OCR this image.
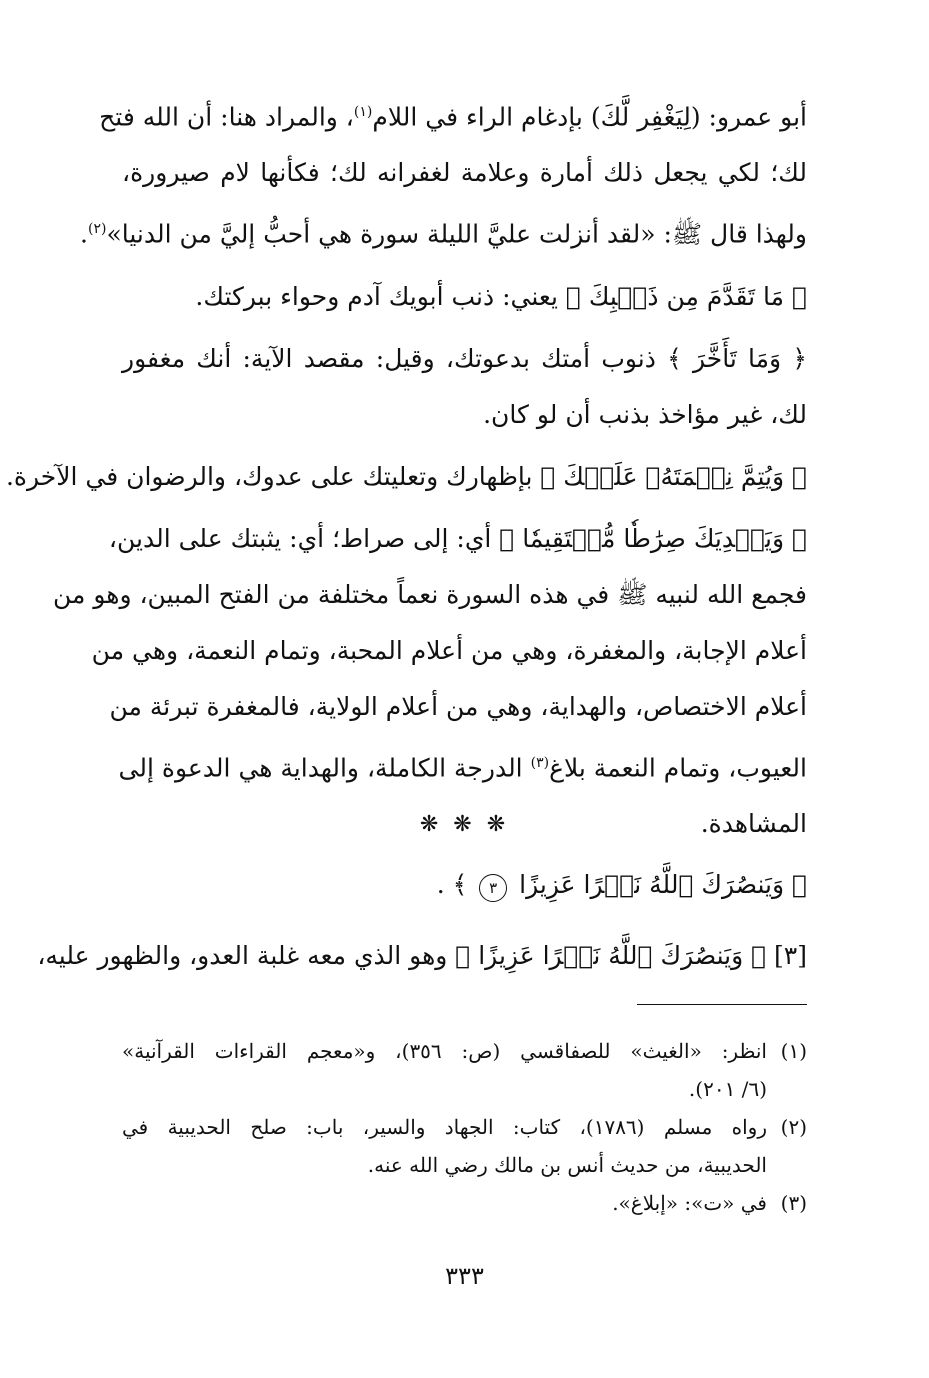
أبو عمرو: (لِيَغْفِر لَّكَ) بإدغام الراء في اللام$^{(١)}$، والمراد هنا: أن الله فتح
لك؛ لكي يجعل ذلك أمارة وعلامة لغفرانه لك؛ فكأنها لام صيرورة،
ولهذا قال ﷺ: «لقد أنزلت عليَّ الليلة سورة هي أحبُّ إليَّ من الدنيا»$^{(٢)}$.
﴿ مَا تَقَدَّمَ مِن ذَنۢبِكَ ﴾ يعني: ذنب أبويك آدم وحواء ببركتك.
﴿ وَمَا تَأَخَّرَ ﴾ ذنوب أمتك بدعوتك، وقيل: مقصد الآية: أنك مغفور
لك، غير مؤاخذ بذنب أن لو كان.
﴿ وَيُتِمَّ نِعۡمَتَهُۥ عَلَيۡكَ ﴾ بإظهارك وتعليتك على عدوك، والرضوان في الآخرة.
﴿ وَيَهۡدِيَكَ صِرَٰطٗا مُّسۡتَقِيمٗا ﴾ أي: إلى صراط؛ أي: يثبتك على الدين،
فجمع الله لنبيه ﷺ في هذه السورة نعماً مختلفة من الفتح المبين، وهو من
أعلام الإجابة، والمغفرة، وهي من أعلام المحبة، وتمام النعمة، وهي من
أعلام الاختصاص، والهداية، وهي من أعلام الولاية، فالمغفرة تبرئة من
العيوب، وتمام النعمة بلاغ$^{(٣)}$ الدرجة الكاملة، والهداية هي الدعوة إلى
المشاهدة.
❋ ❋ ❋
﴿ وَيَنصُرَكَ ٱللَّهُ نَصۡرًا عَزِيزًا ٣ ﴾ .
[٣] ﴿ وَيَنصُرَكَ ٱللَّهُ نَصۡرًا عَزِيزًا ﴾ وهو الذي معه غلبة العدو، والظهور عليه،
(١)
انظر: «الغيث» للصفاقسي (ص: ٣٥٦)، و«معجم القراءات القرآنية»
(٦/ ٢٠١).
(٢)
رواه مسلم (١٧٨٦)، كتاب: الجهاد والسير، باب: صلح الحديبية في
الحديبية، من حديث أنس بن مالك رضي الله عنه.
(٣)
في «ت»: «إبلاغ».
٣٣٣
